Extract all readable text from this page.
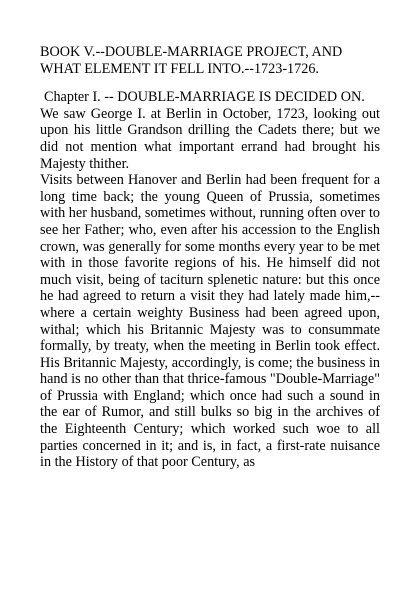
BOOK V.--DOUBLE-MARRIAGE PROJECT, AND WHAT ELEMENT IT FELL INTO.--1723-1726.
Chapter I. -- DOUBLE-MARRIAGE IS DECIDED ON.

We saw George I. at Berlin in October, 1723, looking out upon his little Grandson drilling the Cadets there; but we did not mention what important errand had brought his Majesty thither.

Visits between Hanover and Berlin had been frequent for a long time back; the young Queen of Prussia, sometimes with her husband, sometimes without, running often over to see her Father; who, even after his accession to the English crown, was generally for some months every year to be met with in those favorite regions of his. He himself did not much visit, being of taciturn splenetic nature: but this once he had agreed to return a visit they had lately made him,--where a certain weighty Business had been agreed upon, withal; which his Britannic Majesty was to consummate formally, by treaty, when the meeting in Berlin took effect. His Britannic Majesty, accordingly, is come; the business in hand is no other than that thrice-famous "Double-Marriage" of Prussia with England; which once had such a sound in the ear of Rumor, and still bulks so big in the archives of the Eighteenth Century; which worked such woe to all parties concerned in it; and is, in fact, a first-rate nuisance in the History of that poor Century, as
